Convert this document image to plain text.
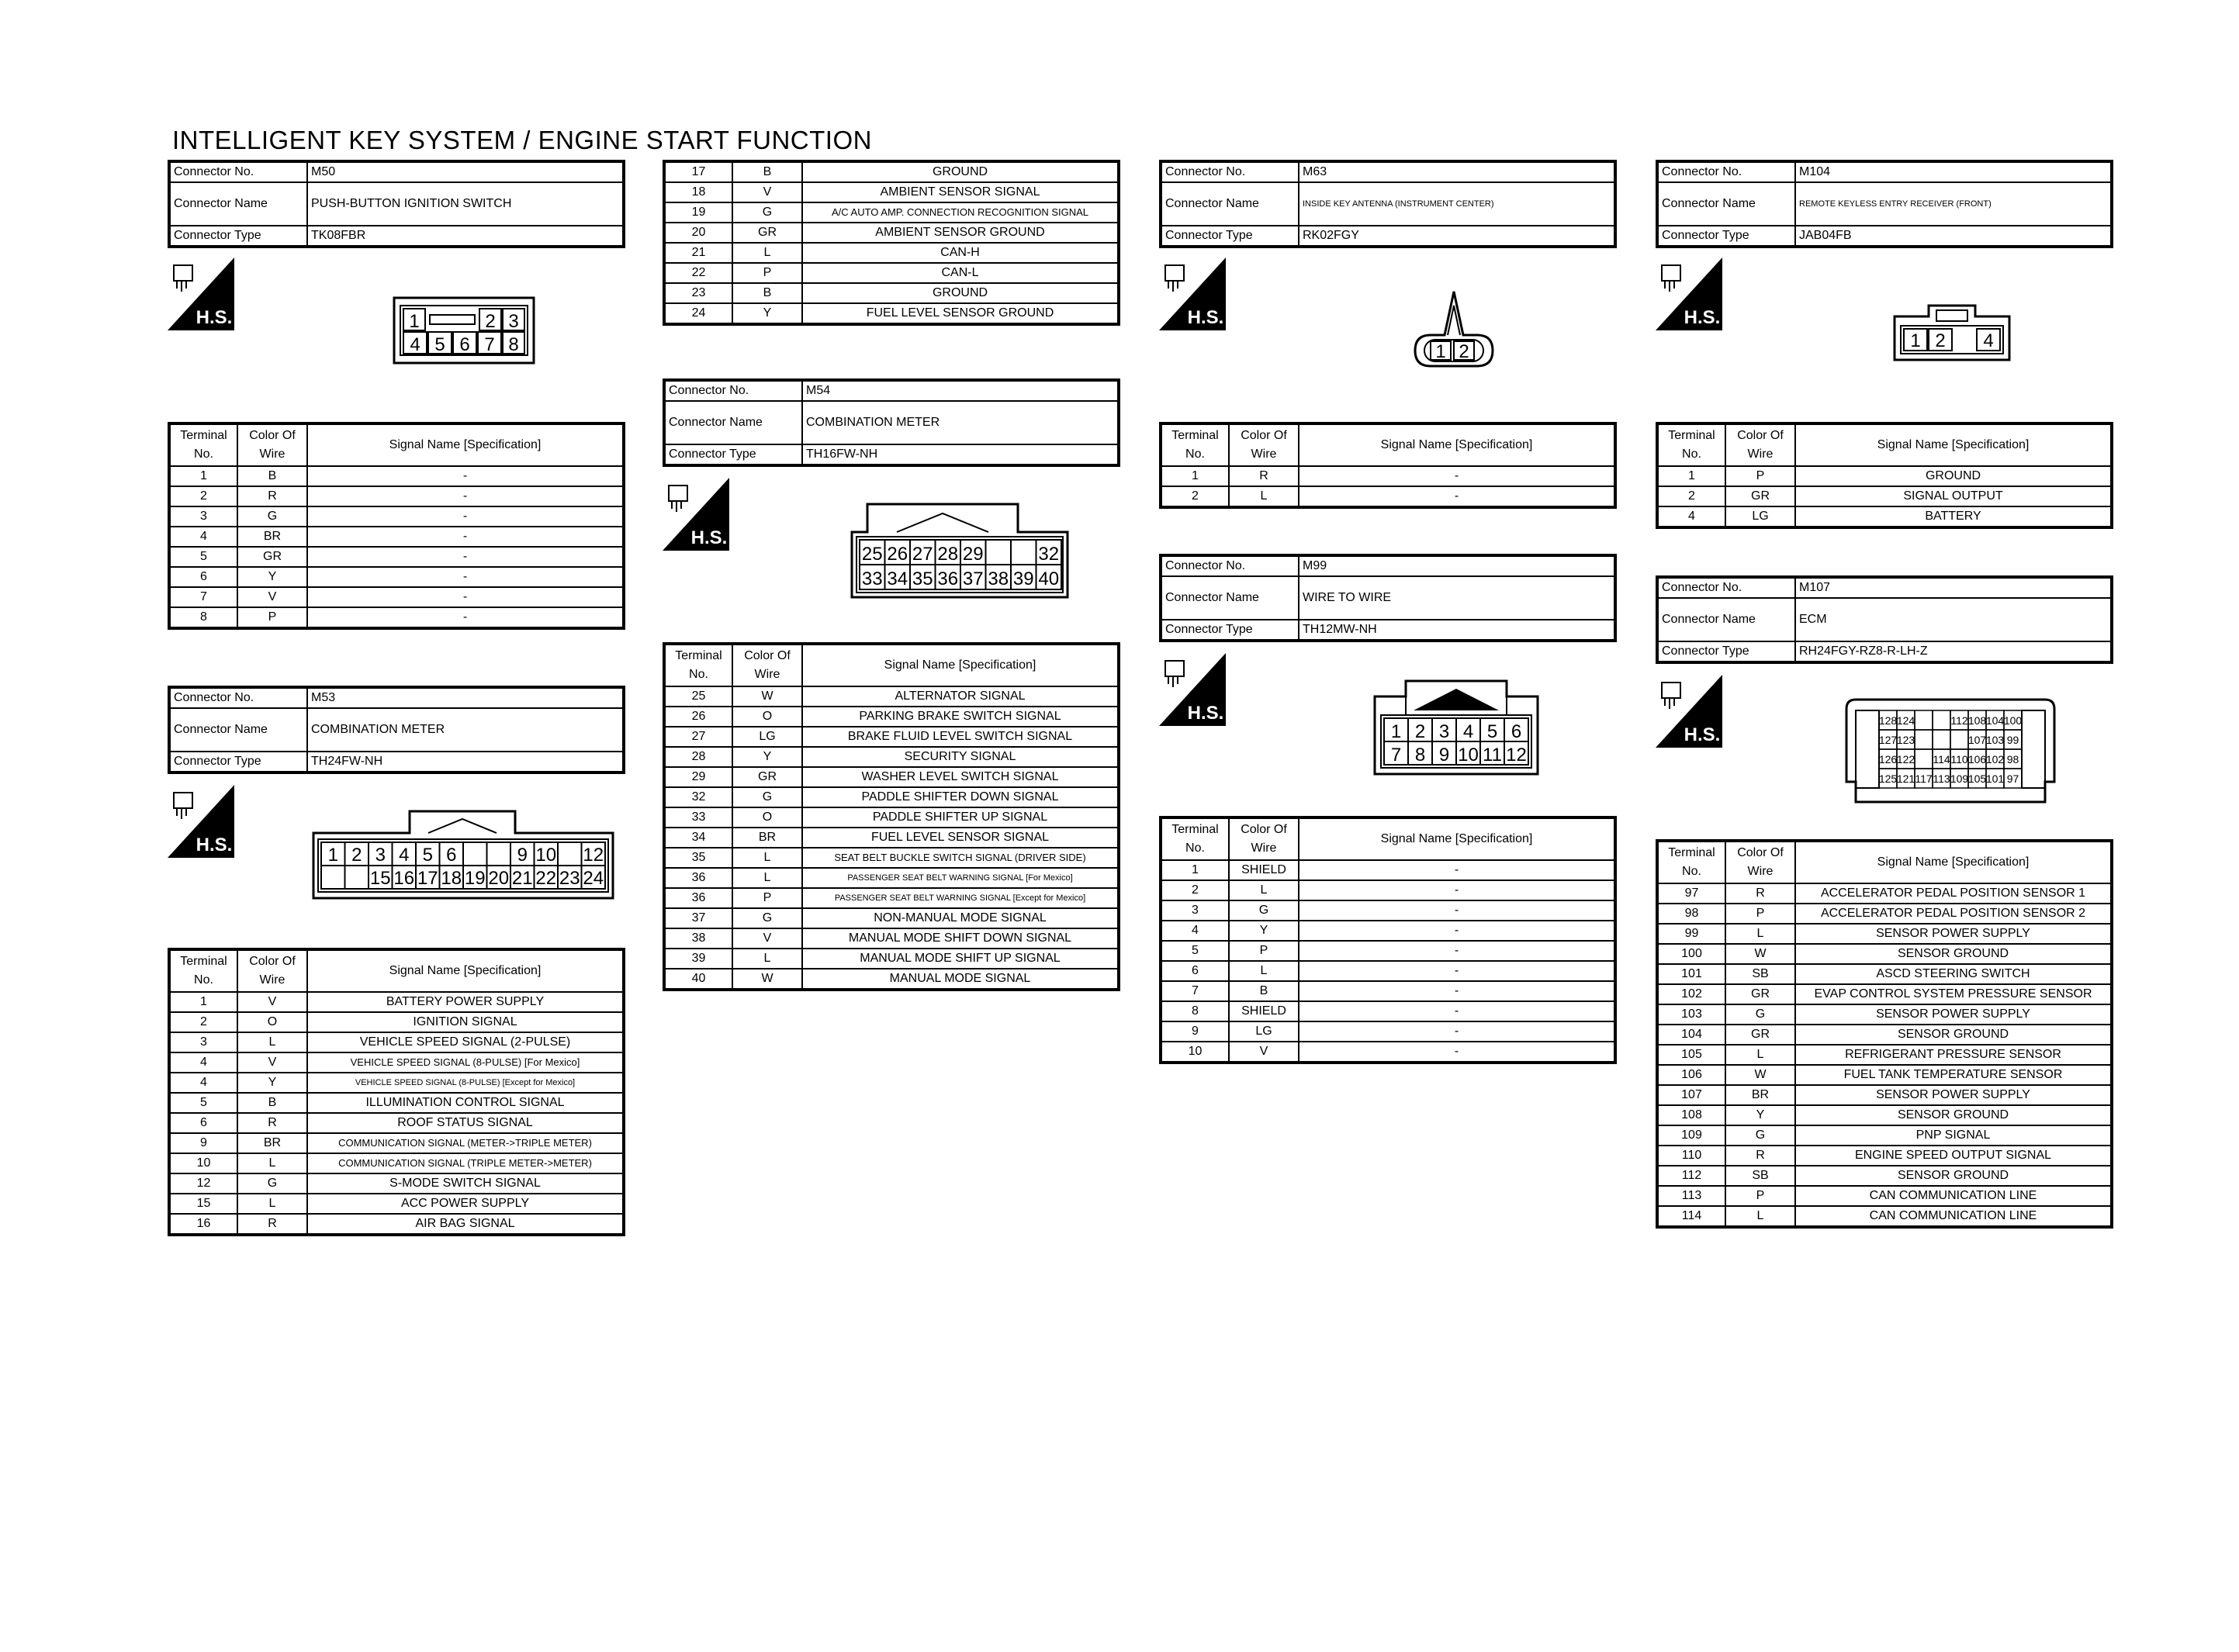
INTELLIGENT KEY SYSTEM / ENGINE START FUNCTION
Connector No.	M50
Connector Name	PUSH-BUTTON IGNITION SWITCH
Connector Type	TK08FBR
H.S.	1	2 3
4 5 6 7 8
Terminal No.	Color Of Wire	Signal Name [Specification]
1	B	-
2	R	-
3	G	-
4	BR	-
5	GR	-
6	Y	-
7	V	-
8	P	-
Connector No.	M53
Connector Name	COMBINATION METER
Connector Type	TH24FW-NH
H.S.	1 2 3 4 5 6	9 10 12
15 16 17 18 19 20 21 22 23 24
Terminal No.	Color Of Wire	Signal Name [Specification]
1	V	BATTERY POWER SUPPLY
2	O	IGNITION SIGNAL
3	L	VEHICLE SPEED SIGNAL (2-PULSE)
4	V	VEHICLE SPEED SIGNAL (8-PULSE) [For Mexico]
4	Y	VEHICLE SPEED SIGNAL (8-PULSE) [Except for Mexico]
5	B	ILLUMINATION CONTROL SIGNAL
6	R	ROOF STATUS SIGNAL
9	BR	COMMUNICATION SIGNAL (METER->TRIPLE METER)
10	L	COMMUNICATION SIGNAL (TRIPLE METER->METER)
12	G	S-MODE SWITCH SIGNAL
15	L	ACC POWER SUPPLY
16	R	AIR BAG SIGNAL
17	B	GROUND
18	V	AMBIENT SENSOR SIGNAL
19	G	A/C AUTO AMP. CONNECTION RECOGNITION SIGNAL
20	GR	AMBIENT SENSOR GROUND
21	L	CAN-H
22	P	CAN-L
23	B	GROUND
24	Y	FUEL LEVEL SENSOR GROUND
Connector No.	M54
Connector Name	COMBINATION METER
Connector Type	TH16FW-NH
H.S.
25 26 27 28 29	32
33 34 35 36 37 38 39 40
Terminal No.	Color Of Wire	Signal Name [Specification]
25	W	ALTERNATOR SIGNAL
26	O	PARKING BRAKE SWITCH SIGNAL
27	LG	BRAKE FLUID LEVEL SWITCH SIGNAL
28	Y	SECURITY SIGNAL
29	GR	WASHER LEVEL SWITCH SIGNAL
32	G	PADDLE SHIFTER DOWN SIGNAL
33	O	PADDLE SHIFTER UP SIGNAL
34	BR	FUEL LEVEL SENSOR SIGNAL
35	L	SEAT BELT BUCKLE SWITCH SIGNAL (DRIVER SIDE)
36	L	PASSENGER SEAT BELT WARNING SIGNAL [For Mexico]
36	P	PASSENGER SEAT BELT WARNING SIGNAL [Except for Mexico]
37	G	NON-MANUAL MODE SIGNAL
38	V	MANUAL MODE SHIFT DOWN SIGNAL
39	L	MANUAL MODE SHIFT UP SIGNAL
40	W	MANUAL MODE SIGNAL
Connector No.	M63
Connector Name	INSIDE KEY ANTENNA (INSTRUMENT CENTER)
Connector Type	RK02FGY
H.S.
1 2
Terminal No.	Color Of Wire	Signal Name [Specification]
1	R	-
2	L	-
Connector No.	M99
Connector Name	WIRE TO WIRE
Connector Type	TH12MW-NH
H.S.
1 2 3 4 5 6
7 8 9 10 11 12
Terminal No.	Color Of Wire	Signal Name [Specification]
1	SHIELD	-
2	L	-
3	G	-
4	Y	-
5	P	-
6	L	-
7	B	-
8	SHIELD	-
9	LG	-
10	V	-
Connector No.	M104
Connector Name	REMOTE KEYLESS ENTRY RECEIVER (FRONT)
Connector Type	JAB04FB
H.S.
1 2 4
Terminal No.	Color Of Wire	Signal Name [Specification]
1	P	GROUND
2	GR	SIGNAL OUTPUT
4	LG	BATTERY
Connector No.	M107
Connector Name	ECM
Connector Type	RH24FGY-RZ8-R-LH-Z
H.S.
128 124	112 108 104 100
127 123	107 103 99
126 122 114 110 106 102 98
125 121 117 113 109 105 101 97
Terminal No.	Color Of Wire	Signal Name [Specification]
97	R	ACCELERATOR PEDAL POSITION SENSOR 1
98	P	ACCELERATOR PEDAL POSITION SENSOR 2
99	L	SENSOR POWER SUPPLY
100	W	SENSOR GROUND
101	SB	ASCD STEERING SWITCH
102	GR	EVAP CONTROL SYSTEM PRESSURE SENSOR
103	G	SENSOR POWER SUPPLY
104	GR	SENSOR GROUND
105	L	REFRIGERANT PRESSURE SENSOR
106	W	FUEL TANK TEMPERATURE SENSOR
107	BR	SENSOR POWER SUPPLY
108	Y	SENSOR GROUND
109	G	PNP SIGNAL
110	R	ENGINE SPEED OUTPUT SIGNAL
112	SB	SENSOR GROUND
113	P	CAN COMMUNICATION LINE
114	L	CAN COMMUNICATION LINE
